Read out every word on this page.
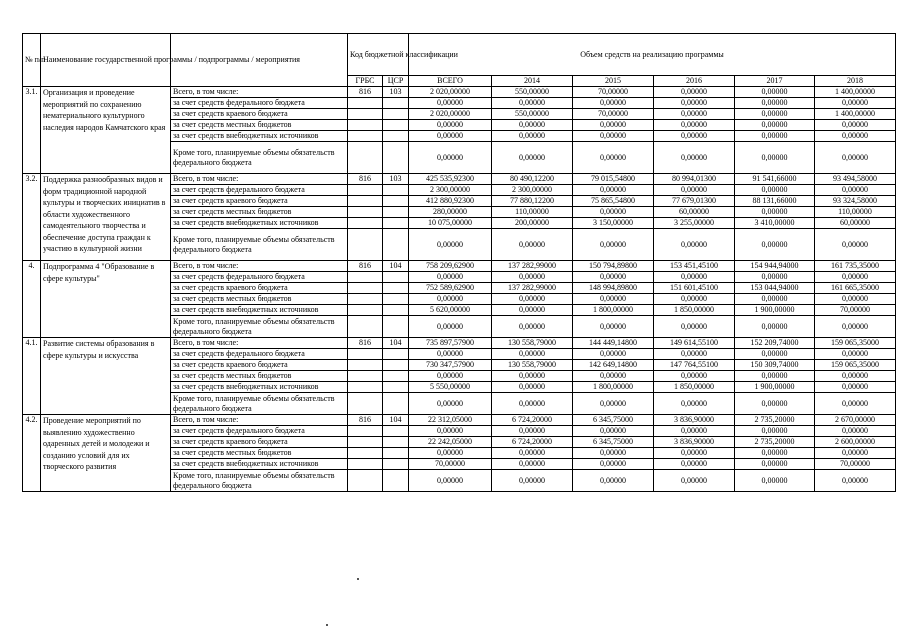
№ п/п	Наименование государственной программы / подпрограммы / мероприятия		Код бюджетной классификации		Объем средств на реализацию программы					
			ГРБС	ЦСР	ВСЕГО	2014	2015	2016	2017	2018
3.1.	Организация и проведение мероприятий по сохранению нематериального культурного наследия народов Камчатского края	Всего, в том числе:	816	103	2 020,00000	550,00000	70,00000	0,00000	0,00000	1 400,00000
		за счет средств федерального бюджета			0,00000	0,00000	0,00000	0,00000	0,00000	0,00000
		за счет средств краевого бюджета			2 020,00000	550,00000	70,00000	0,00000	0,00000	1 400,00000
		за счет средств местных бюджетов			0,00000	0,00000	0,00000	0,00000	0,00000	0,00000
		за счет средств внебюджетных источников			0,00000	0,00000	0,00000	0,00000	0,00000	0,00000
		Кроме того, планируемые объемы обязательств федерального бюджета			0,00000	0,00000	0,00000	0,00000	0,00000	0,00000
3.2.	Поддержка разнообразных видов и форм традиционной народной культуры и творческих инициатив в области художественного самодеятельного творчества и обеспечение доступа граждан к участию в культурной жизни	Всего, в том числе:	816	103	425 535,92300	80 490,12200	79 015,54800	80 994,01300	91 541,66000	93 494,58000
		за счет средств федерального бюджета			2 300,00000	2 300,00000	0,00000	0,00000	0,00000	0,00000
		за счет средств краевого бюджета			412 880,92300	77 880,12200	75 865,54800	77 679,01300	88 131,66000	93 324,58000
		за счет средств местных бюджетов			280,00000	110,00000	0,00000	60,00000	0,00000	110,00000
		за счет средств внебюджетных источников			10 075,00000	200,00000	3 150,00000	3 255,00000	3 410,00000	60,00000
		Кроме того, планируемые объемы обязательств федерального бюджета			0,00000	0,00000	0,00000	0,00000	0,00000	0,00000
4.	Подпрограмма 4 "Образование в сфере культуры"	Всего, в том числе:	816	104	758 209,62900	137 282,99000	150 794,89800	153 451,45100	154 944,94000	161 735,35000
		за счет средств федерального бюджета			0,00000	0,00000	0,00000	0,00000	0,00000	0,00000
		за счет средств краевого бюджета			752 589,62900	137 282,99000	148 994,89800	151 601,45100	153 044,94000	161 665,35000
		за счет средств местных бюджетов			0,00000	0,00000	0,00000	0,00000	0,00000	0,00000
		за счет средств внебюджетных источников			5 620,00000	0,00000	1 800,00000	1 850,00000	1 900,00000	70,00000
		Кроме того, планируемые объемы обязательств федерального бюджета			0,00000	0,00000	0,00000	0,00000	0,00000	0,00000
4.1.	Развитие системы образования в сфере культуры и искусства	Всего, в том числе:	816	104	735 897,57900	130 558,79000	144 449,14800	149 614,55100	152 209,74000	159 065,35000
		за счет средств федерального бюджета			0,00000	0,00000	0,00000	0,00000	0,00000	0,00000
		за счет средств краевого бюджета			730 347,57900	130 558,79000	142 649,14800	147 764,55100	150 309,74000	159 065,35000
		за счет средств местных бюджетов			0,00000	0,00000	0,00000	0,00000	0,00000	0,00000
		за счет средств внебюджетных источников			5 550,00000	0,00000	1 800,00000	1 850,00000	1 900,00000	0,00000
		Кроме того, планируемые объемы обязательств федерального бюджета			0,00000	0,00000	0,00000	0,00000	0,00000	0,00000
4.2.	Проведение мероприятий по выявлению художественно одаренных детей и молодежи и созданию условий для их творческого развития	Всего, в том числе:	816	104	22 312,05000	6 724,20000	6 345,75000	3 836,90000	2 735,20000	2 670,00000
		за счет средств федерального бюджета			0,00000	0,00000	0,00000	0,00000	0,00000	0,00000
		за счет средств краевого бюджета			22 242,05000	6 724,20000	6 345,75000	3 836,90000	2 735,20000	2 600,00000
		за счет средств местных бюджетов			0,00000	0,00000	0,00000	0,00000	0,00000	0,00000
		за счет средств внебюджетных источников			70,00000	0,00000	0,00000	0,00000	0,00000	70,00000
		Кроме того, планируемые объемы обязательств федерального бюджета			0,00000	0,00000	0,00000	0,00000	0,00000	0,00000
